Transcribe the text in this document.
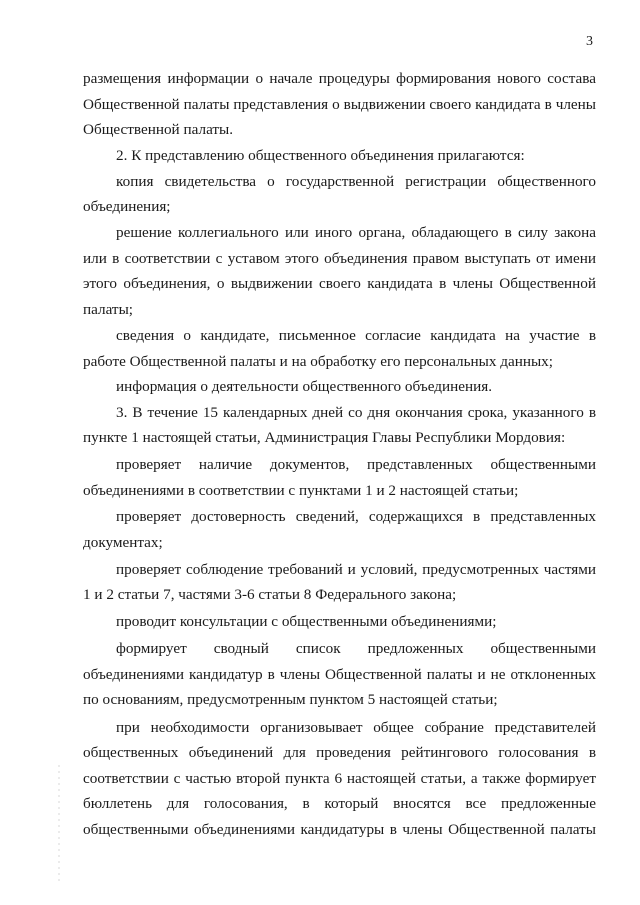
3

размещения информации о начале процедуры формирования нового состава Общественной палаты представления о выдвижении своего кандидата в члены Общественной палаты.

2. К представлению общественного объединения прилагаются:

копия свидетельства о государственной регистрации общественного объединения;

решение коллегиального или иного органа, обладающего в силу закона или в соответствии с уставом этого объединения правом выступать от имени этого объединения, о выдвижении своего кандидата в члены Общественной палаты;

сведения о кандидате, письменное согласие кандидата на участие в работе Общественной палаты и на обработку его персональных данных;

информация о деятельности общественного объединения.

3. В течение 15 календарных дней со дня окончания срока, указанного в пункте 1 настоящей статьи, Администрация Главы Республики Мордовия:

проверяет наличие документов, представленных общественными объединениями в соответствии с пунктами 1 и 2 настоящей статьи;

проверяет достоверность сведений, содержащихся в представленных документах;

проверяет соблюдение требований и условий, предусмотренных частями 1 и 2 статьи 7, частями 3-6 статьи 8 Федерального закона;

проводит консультации с общественными объединениями;

формирует сводный список предложенных общественными объединениями кандидатур в члены Общественной палаты и не отклоненных по основаниям, предусмотренным пунктом 5 настоящей статьи;

при необходимости организовывает общее собрание представителей общественных объединений для проведения рейтингового голосования в соответствии с частью второй пункта 6 настоящей статьи, а также формирует бюллетень для голосования, в который вносятся все предложенные общественными объединениями кандидатуры в члены Общественной палаты
